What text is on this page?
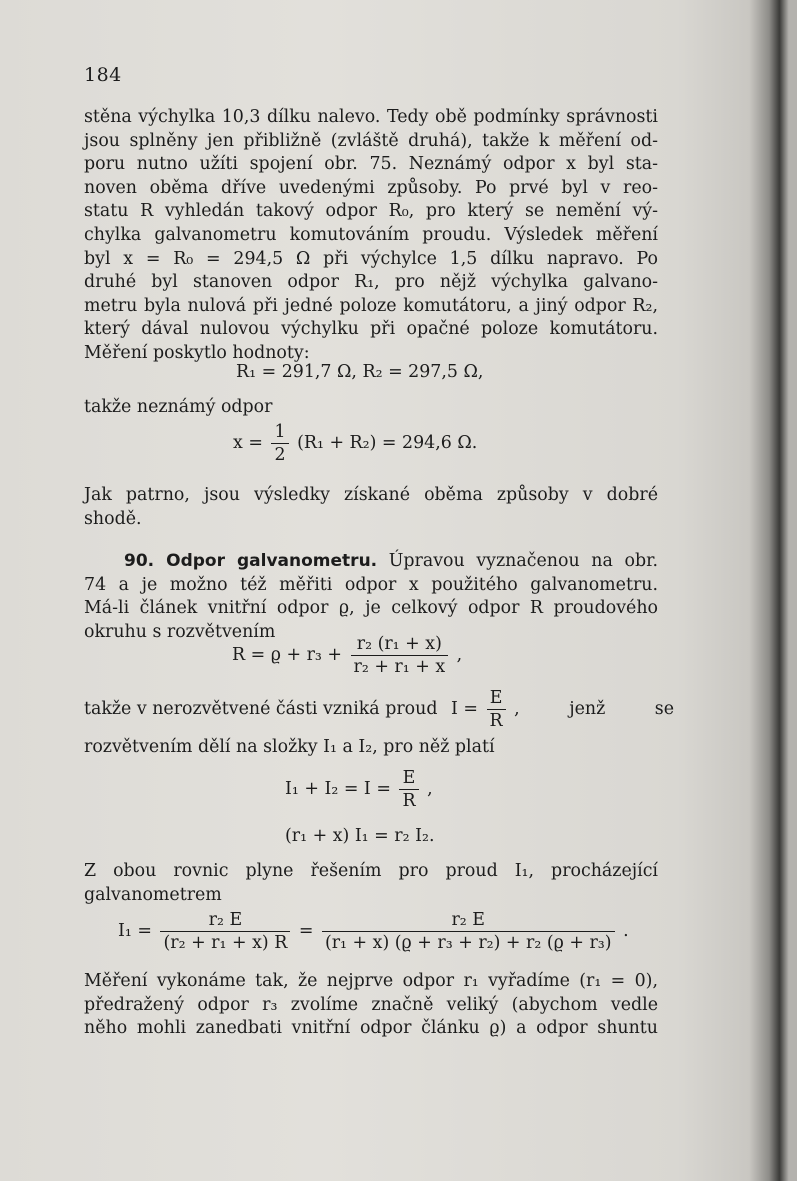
184
stěna výchylka 10,3 dílku nalevo. Tedy obě podmínky správnosti
jsou splněny jen přibližně (zvláště druhá), takže k měření od-
poru nutno užíti spojení obr. 75. Neznámý odpor x byl sta-
noven oběma dříve uvedenými způsoby. Po prvé byl v reo-
statu R vyhledán takový odpor R₀, pro který se nemění vý-
chylka galvanometru komutováním proudu. Výsledek měření
byl x = R₀ = 294,5 Ω při výchylce 1,5 dílku napravo. Po
druhé byl stanoven odpor R₁, pro nějž výchylka galvano-
metru byla nulová při jedné poloze komutátoru, a jiný odpor R₂,
který dával nulovou výchylku při opačné poloze komutátoru.
Měření poskytlo hodnoty:
R₁ = 291,7 Ω, R₂ = 297,5 Ω,
takže neznámý odpor
$x = \frac{1}{2} (R_1 + R_2) = 294,6$ Ω.
Jak patrno, jsou výsledky získané oběma způsoby v dobré
shodě.
90. Odpor galvanometru. Úpravou vyznačenou na obr.
74 a je možno též měřiti odpor x použitého galvanometru.
Má-li článek vnitřní odpor ϱ, je celkový odpor R proudového
okruhu s rozvětvením
$R = ϱ + r_3 + \frac{\text{r₂ (r₁ + x)}}{\text{r₂ + r₁ + x}}$ ,
takže v nerozvětvené části vzniká proud $I = \frac{E}{R}$ , jenž se
rozvětvením dělí na složky I₁ a I₂, pro něž platí
$I_1 + I_2 = I = \frac{E}{R}$ ,
(r₁ + x) I₁ = r₂ I₂.
Z obou rovnic plyne řešením pro proud I₁, procházející
galvanometrem
$I_1 = \frac{\text{r₂ E}}{\text{(r₂ + r₁ + x) R}} = \frac{\text{r₂ E}}{\text{(r₁ + x) (ϱ + r₃ + r₂) + r₂ (ϱ + r₃)}}$ .
Měření vykonáme tak, že nejprve odpor r₁ vyřadíme (r₁ = 0),
předražený odpor r₃ zvolíme značně veliký (abychom vedle
něho mohli zanedbati vnitřní odpor článku ϱ) a odpor shuntu
